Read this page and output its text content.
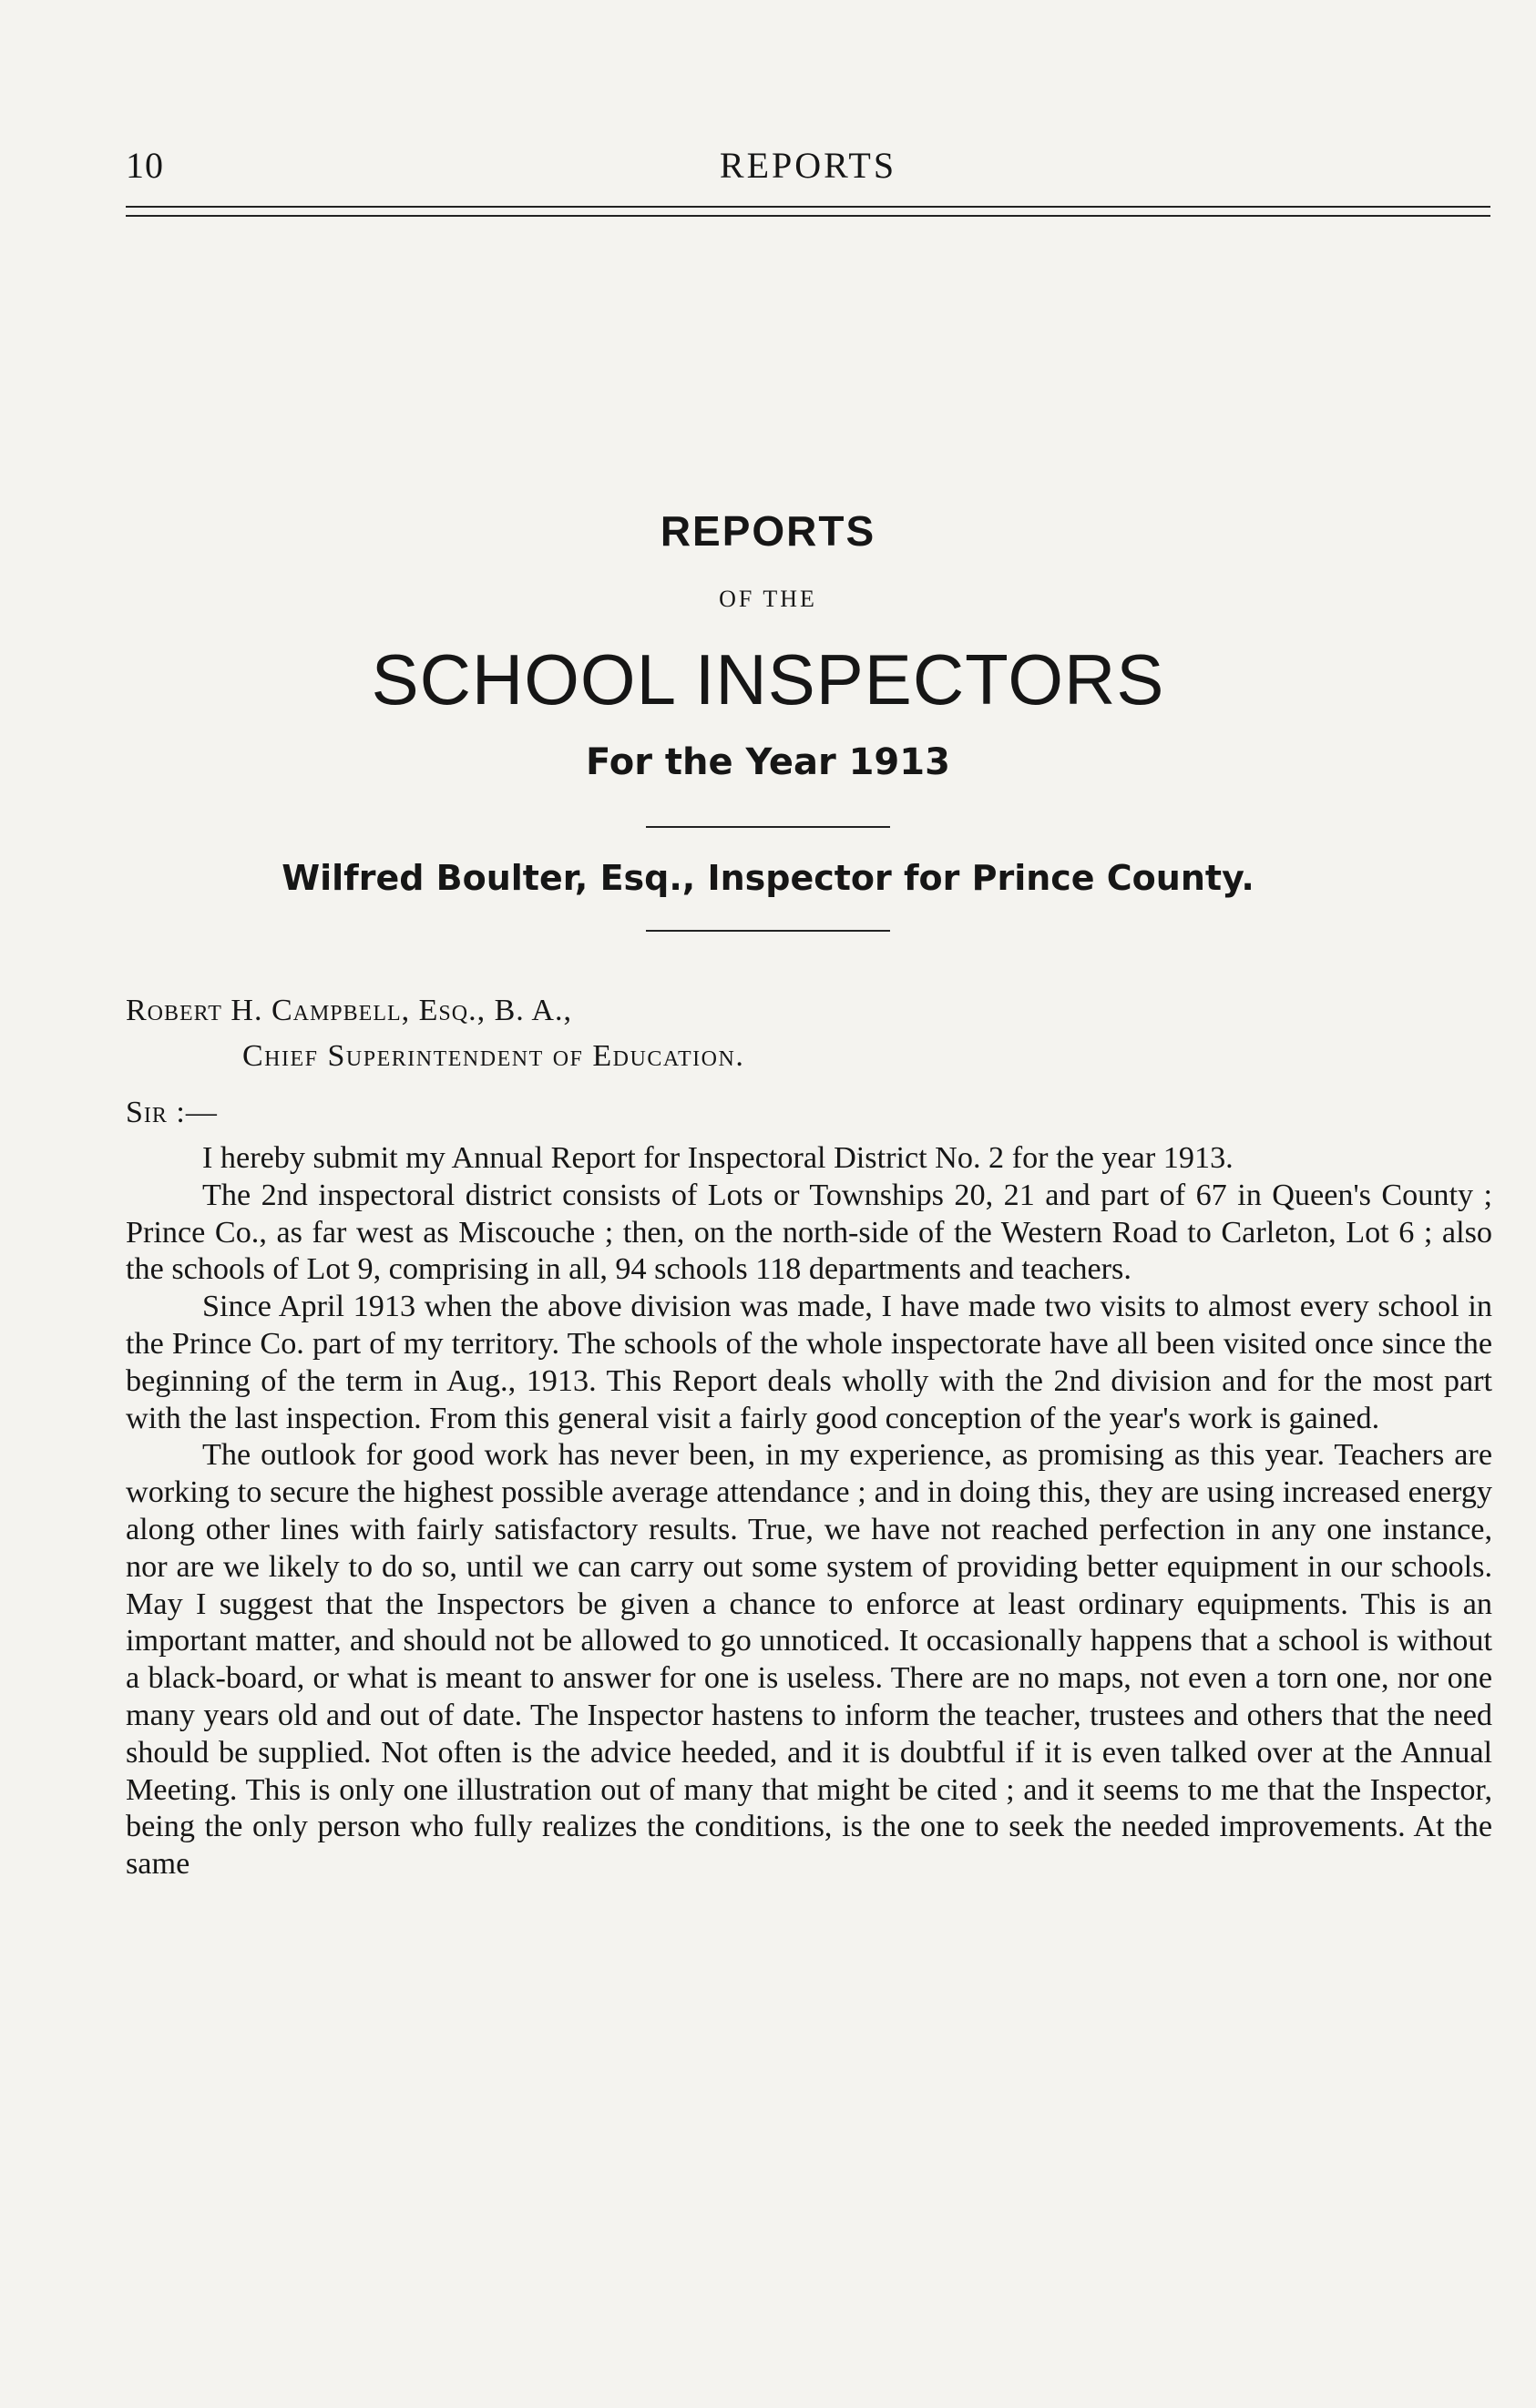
10	REPORTS
REPORTS
OF THE
SCHOOL INSPECTORS
For the Year 1913
Wilfred Boulter, Esq., Inspector for Prince County.
Robert H. Campbell, Esq., B. A.,
Chief Superintendent of Education.
Sir :—

I hereby submit my Annual Report for Inspectoral District No. 2 for the year 1913.

The 2nd inspectoral district consists of Lots or Townships 20, 21 and part of 67 in Queen's County ; Prince Co., as far west as Miscouche ; then, on the north-side of the Western Road to Carleton, Lot 6 ; also the schools of Lot 9, comprising in all, 94 schools 118 departments and teachers.

Since April 1913 when the above division was made, I have made two visits to almost every school in the Prince Co. part of my territory. The schools of the whole inspectorate have all been visited once since the beginning of the term in Aug., 1913. This Report deals wholly with the 2nd division and for the most part with the last inspection. From this general visit a fairly good conception of the year's work is gained.

The outlook for good work has never been, in my experience, as promising as this year. Teachers are working to secure the highest possible average attendance ; and in doing this, they are using increased energy along other lines with fairly satisfactory results. True, we have not reached perfection in any one instance, nor are we likely to do so, until we can carry out some system of providing better equipment in our schools. May I suggest that the Inspectors be given a chance to enforce at least ordinary equipments. This is an important matter, and should not be allowed to go unnoticed. It occasionally happens that a school is without a black-board, or what is meant to answer for one is useless. There are no maps, not even a torn one, nor one many years old and out of date. The Inspector hastens to inform the teacher, trustees and others that the need should be supplied. Not often is the advice heeded, and it is doubtful if it is even talked over at the Annual Meeting. This is only one illustration out of many that might be cited ; and it seems to me that the Inspector, being the only person who fully realizes the conditions, is the one to seek the needed improvements. At the same
